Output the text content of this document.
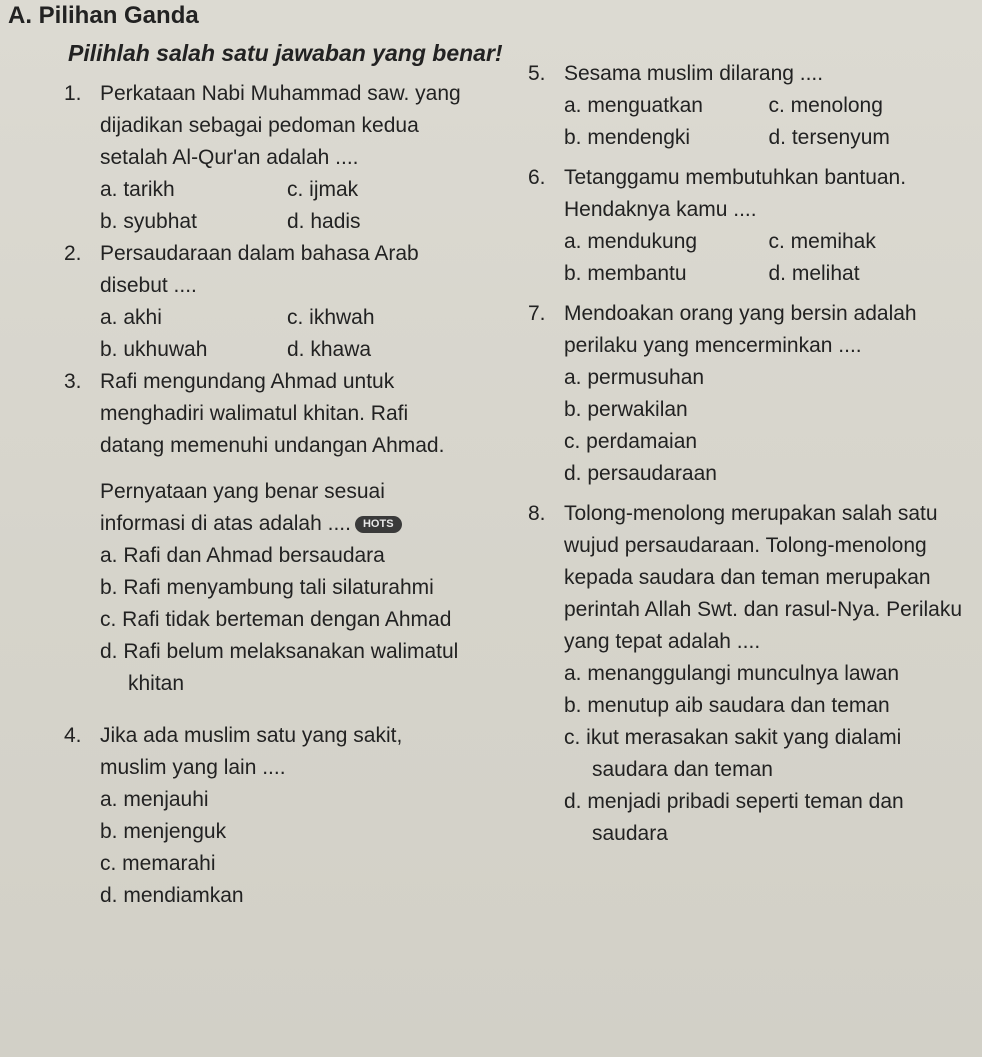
A. Pilihan Ganda
Pilihlah salah satu jawaban yang benar!
1. Perkataan Nabi Muhammad saw. yang dijadikan sebagai pedoman kedua setalah Al-Qur'an adalah ....
a. tarikh	c. ijmak
b. syubhat	d. hadis
2. Persaudaraan dalam bahasa Arab disebut ....
a. akhi	c. ikhwah
b. ukhuwah	d. khawa
3. Rafi mengundang Ahmad untuk menghadiri walimatul khitan. Rafi datang memenuhi undangan Ahmad.
Pernyataan yang benar sesuai informasi di atas adalah .... HOTS
a. Rafi dan Ahmad bersaudara
b. Rafi menyambung tali silaturahmi
c. Rafi tidak berteman dengan Ahmad
d. Rafi belum melaksanakan walimatul khitan
4. Jika ada muslim satu yang sakit, muslim yang lain ....
a. menjauhi
b. menjenguk
c. memarahi
d. mendiamkan
5. Sesama muslim dilarang ....
a. menguatkan	c. menolong
b. mendengki	d. tersenyum
6. Tetanggamu membutuhkan bantuan. Hendaknya kamu ....
a. mendukung	c. memihak
b. membantu	d. melihat
7. Mendoakan orang yang bersin adalah perilaku yang mencerminkan ....
a. permusuhan
b. perwakilan
c. perdamaian
d. persaudaraan
8. Tolong-menolong merupakan salah satu wujud persaudaraan. Tolong-menolong kepada saudara dan teman merupakan perintah Allah Swt. dan rasul-Nya. Perilaku yang tepat adalah ....
a. menanggulangi munculnya lawan
b. menutup aib saudara dan teman
c. ikut merasakan sakit yang dialami saudara dan teman
d. menjadi pribadi seperti teman dan saudara
